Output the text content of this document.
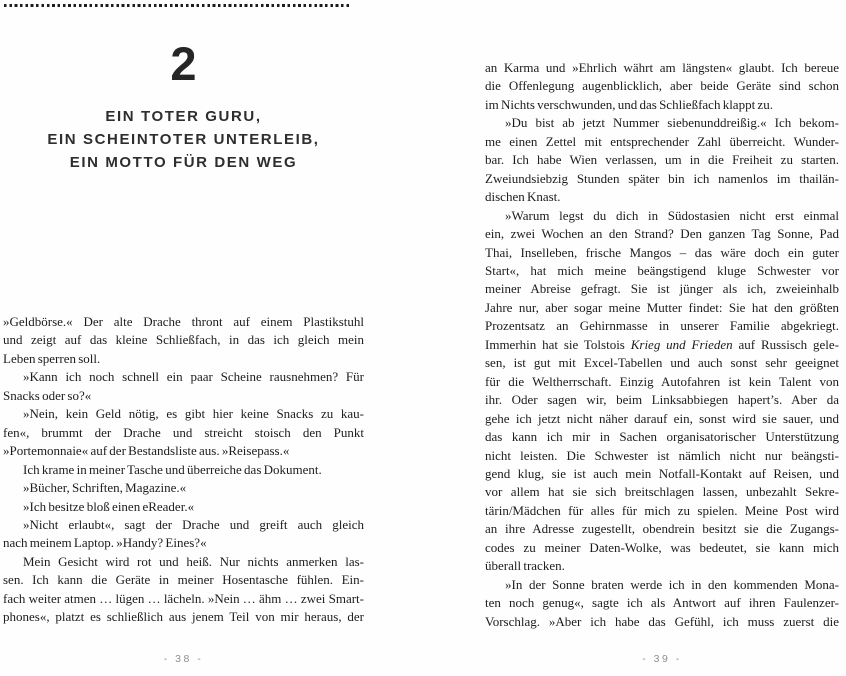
2
EIN TOTER GURU,
EIN SCHEINTOTER UNTERLEIB,
EIN MOTTO FÜR DEN WEG
»Geldbörse.« Der alte Drache thront auf einem Plastikstuhl
und zeigt auf das kleine Schließfach, in das ich gleich mein
Leben sperren soll.
»Kann ich noch schnell ein paar Scheine rausnehmen? Für
Snacks oder so?«
»Nein, kein Geld nötig, es gibt hier keine Snacks zu kau-
fen«, brummt der Drache und streicht stoisch den Punkt
»Portemonnaie« auf der Bestandsliste aus. »Reisepass.«
Ich krame in meiner Tasche und überreiche das Dokument.
»Bücher, Schriften, Magazine.«
»Ich besitze bloß einen eReader.«
»Nicht erlaubt«, sagt der Drache und greift auch gleich
nach meinem Laptop. »Handy? Eines?«
Mein Gesicht wird rot und heiß. Nur nichts anmerken las-
sen. Ich kann die Geräte in meiner Hosentasche fühlen. Ein-
fach weiter atmen … lügen … lächeln. »Nein … ähm … zwei Smart-
phones«, platzt es schließlich aus jenem Teil von mir heraus, der
- 38 -
an Karma und »Ehrlich währt am längsten« glaubt. Ich bereue
die Offenlegung augenblicklich, aber beide Geräte sind schon
im Nichts verschwunden, und das Schließfach klappt zu.
»Du bist ab jetzt Nummer siebenunddreißig.« Ich bekom-
me einen Zettel mit entsprechender Zahl überreicht. Wunder-
bar. Ich habe Wien verlassen, um in die Freiheit zu starten.
Zweiundsiebzig Stunden später bin ich namenlos im thailän-
dischen Knast.
»Warum legst du dich in Südostasien nicht erst einmal
ein, zwei Wochen an den Strand? Den ganzen Tag Sonne, Pad
Thai, Inselleben, frische Mangos – das wäre doch ein guter
Start«, hat mich meine beängstigend kluge Schwester vor
meiner Abreise gefragt. Sie ist jünger als ich, zweieinhalb
Jahre nur, aber sogar meine Mutter findet: Sie hat den größten
Prozentsatz an Gehirnmasse in unserer Familie abgekriegt.
Immerhin hat sie Tolstois Krieg und Frieden auf Russisch gele-
sen, ist gut mit Excel-Tabellen und auch sonst sehr geeignet
für die Weltherrschaft. Einzig Autofahren ist kein Talent von
ihr. Oder sagen wir, beim Linksabbiegen hapert’s. Aber da
gehe ich jetzt nicht näher darauf ein, sonst wird sie sauer, und
das kann ich mir in Sachen organisatorischer Unterstützung
nicht leisten. Die Schwester ist nämlich nicht nur beängsti-
gend klug, sie ist auch mein Notfall-Kontakt auf Reisen, und
vor allem hat sie sich breitschlagen lassen, unbezahlt Sekre-
tärin/Mädchen für alles für mich zu spielen. Meine Post wird
an ihre Adresse zugestellt, obendrein besitzt sie die Zugangs-
codes zu meiner Daten-Wolke, was bedeutet, sie kann mich
überall tracken.
»In der Sonne braten werde ich in den kommenden Mona-
ten noch genug«, sagte ich als Antwort auf ihren Faulenzer-
Vorschlag. »Aber ich habe das Gefühl, ich muss zuerst die
- 39 -
